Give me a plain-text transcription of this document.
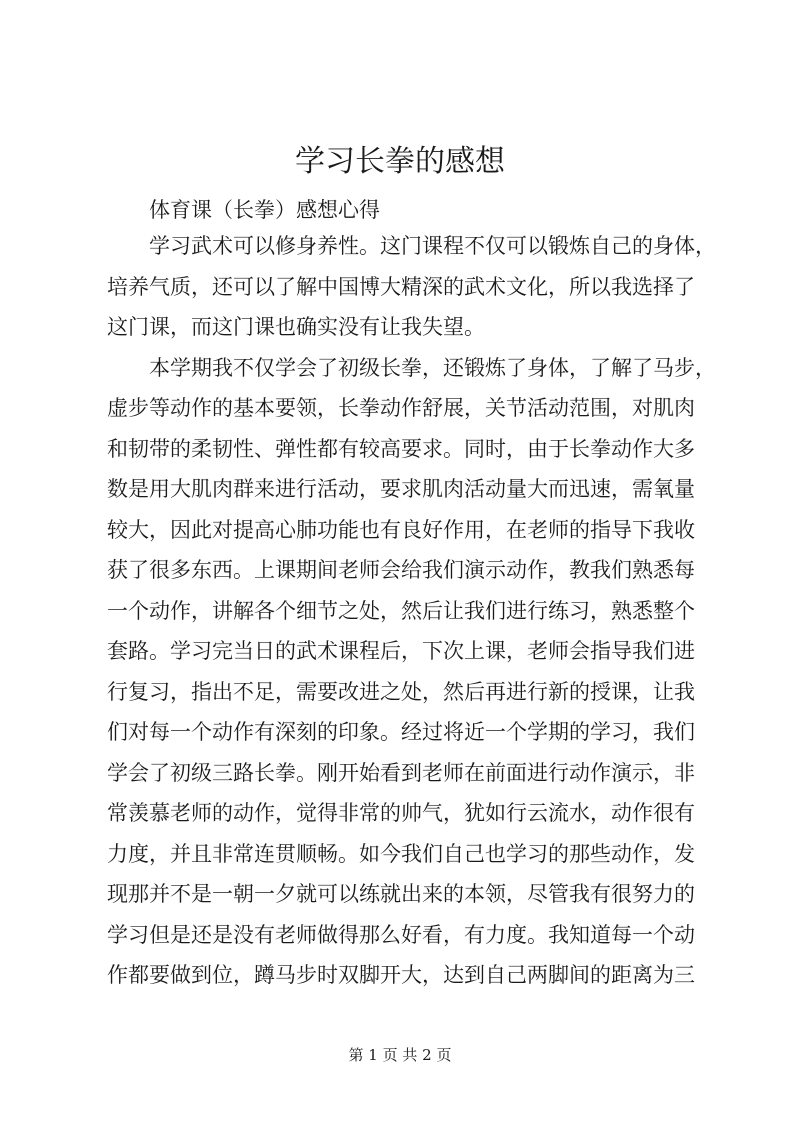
学习长拳的感想

体育课（长拳）感想心得

学习武术可以修身养性。这门课程不仅可以锻炼自己的身体，

培养气质，还可以了解中国博大精深的武术文化，所以我选择了

这门课，而这门课也确实没有让我失望。

本学期我不仅学会了初级长拳，还锻炼了身体，了解了马步，

虚步等动作的基本要领，长拳动作舒展，关节活动范围，对肌肉

和韧带的柔韧性、弹性都有较高要求。同时，由于长拳动作大多

数是用大肌肉群来进行活动，要求肌肉活动量大而迅速，需氧量

较大，因此对提高心肺功能也有良好作用，在老师的指导下我收

获了很多东西。上课期间老师会给我们演示动作，教我们熟悉每

一个动作，讲解各个细节之处，然后让我们进行练习，熟悉整个

套路。学习完当日的武术课程后，下次上课，老师会指导我们进

行复习，指出不足，需要改进之处，然后再进行新的授课，让我

们对每一个动作有深刻的印象。经过将近一个学期的学习，我们

学会了初级三路长拳。刚开始看到老师在前面进行动作演示，非

常羡慕老师的动作，觉得非常的帅气，犹如行云流水，动作很有

力度，并且非常连贯顺畅。如今我们自己也学习的那些动作，发

现那并不是一朝一夕就可以练就出来的本领，尽管我有很努力的

学习但是还是没有老师做得那么好看，有力度。我知道每一个动

作都要做到位，蹲马步时双脚开大，达到自己两脚间的距离为三

第 1 页 共 2 页
